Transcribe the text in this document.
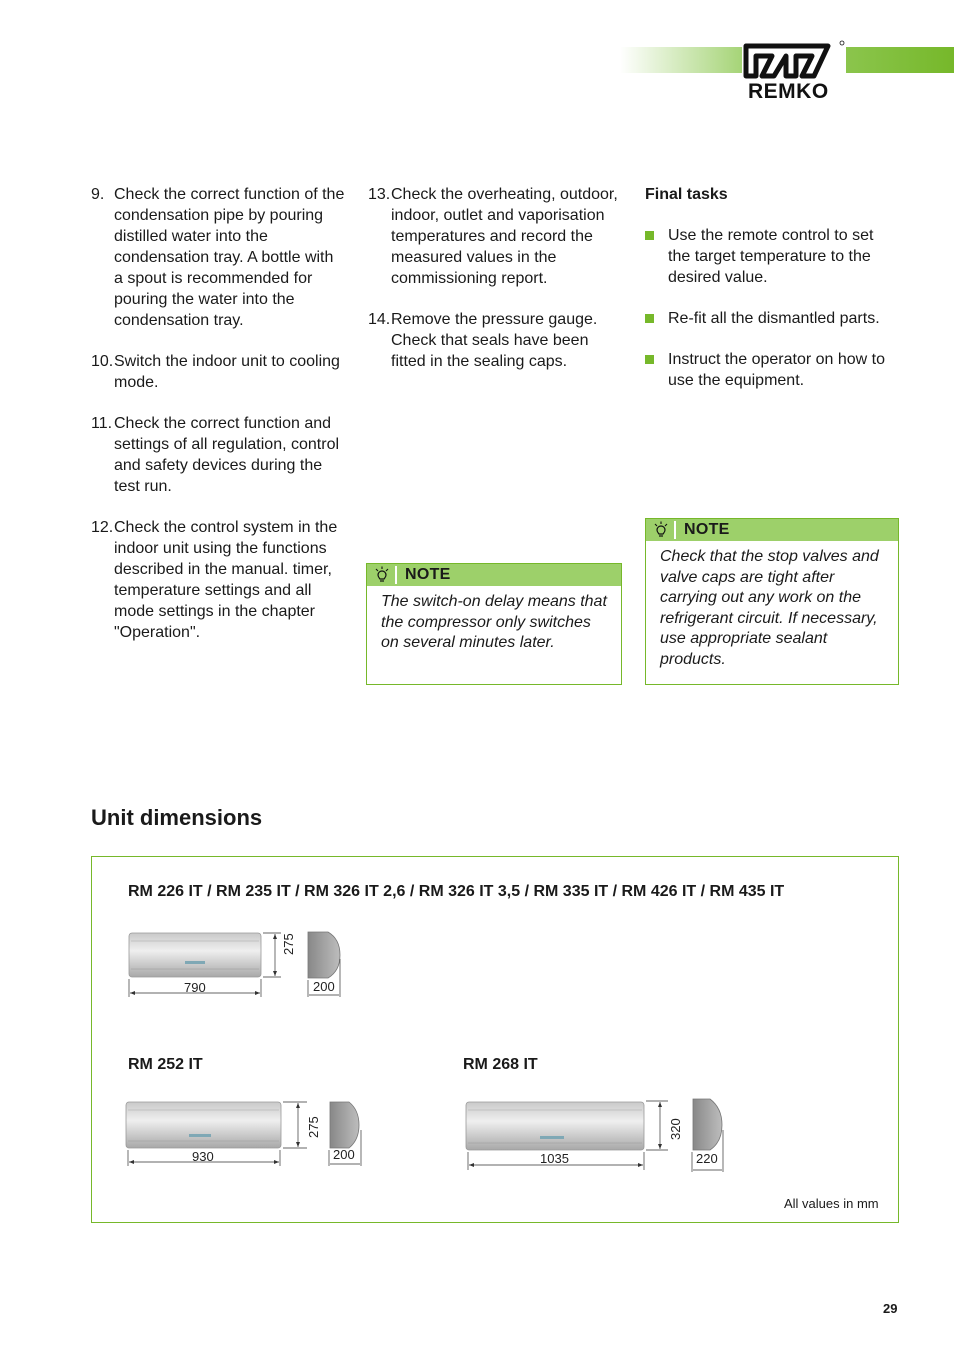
REMKO
9. Check the correct function of the condensation pipe by pouring distilled water into the condensation tray. A bottle with a spout is recommended for pouring the water into the condensation tray.

10. Switch the indoor unit to cooling mode.

11. Check the correct function and settings of all regulation, control and safety devices during the test run.

12. Check the control system in the indoor unit using the functions described in the manual. timer, temperature settings and all mode settings in the chapter "Operation".

13. Check the overheating, outdoor, indoor, outlet and vaporisation temperatures and record the measured values in the commissioning report.

14. Remove the pressure gauge. Check that seals have been fitted in the sealing caps.

NOTE
The switch-on delay means that the compressor only switches on several minutes later.

Final tasks

Use the remote control to set the target temperature to the desired value.

Re-fit all the dismantled parts.

Instruct the operator on how to use the equipment.

NOTE
Check that the stop valves and valve caps are tight after carrying out any work on the refrigerant circuit. If necessary, use appropriate sealant products.
Unit dimensions
RM 226 IT / RM 235 IT / RM 326 IT 2,6 / RM 326 IT 3,5 / RM 335 IT / RM 426 IT / RM 435 IT
790
275
200
RM 252 IT
930
275
200
RM 268 IT
1035
320
220
All values in mm
29
